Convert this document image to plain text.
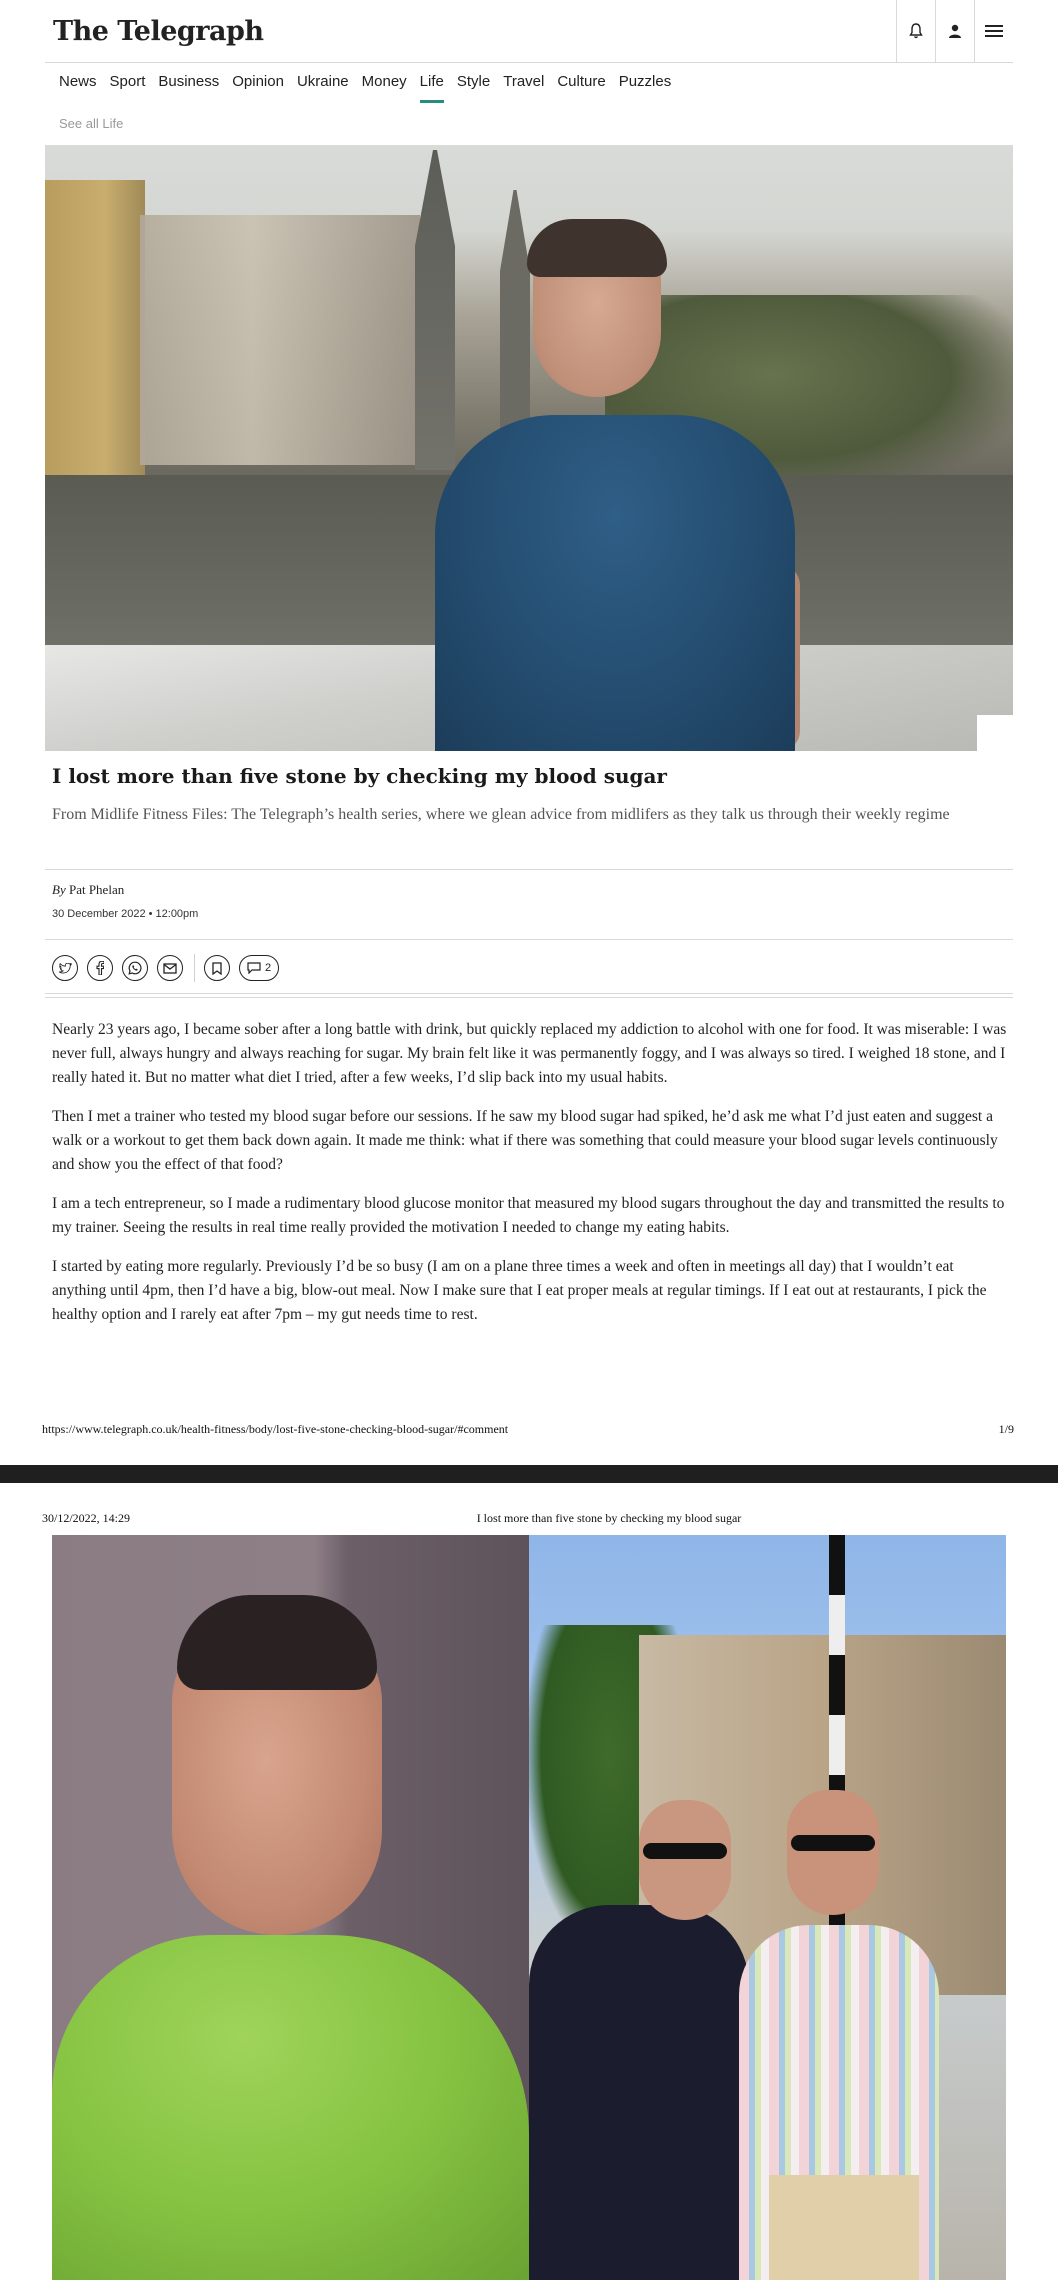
The Telegraph
News Sport Business Opinion Ukraine Money Life Style Travel Culture Puzzles
See all Life
I lost more than five stone by checking my blood sugar
From Midlife Fitness Files: The Telegraph’s health series, where we glean advice from midlifers as they talk us through their weekly regime
By Pat Phelan
30 December 2022 • 12:00pm
2

Nearly 23 years ago, I became sober after a long battle with drink, but quickly replaced my addiction to alcohol with one for food. It was miserable: I was never full, always hungry and always reaching for sugar. My brain felt like it was permanently foggy, and I was always so tired. I weighed 18 stone, and I really hated it. But no matter what diet I tried, after a few weeks, I’d slip back into my usual habits.

Then I met a trainer who tested my blood sugar before our sessions. If he saw my blood sugar had spiked, he’d ask me what I’d just eaten and suggest a walk or a workout to get them back down again. It made me think: what if there was something that could measure your blood sugar levels continuously and show you the effect of that food?

I am a tech entrepreneur, so I made a rudimentary blood glucose monitor that measured my blood sugars throughout the day and transmitted the results to my trainer. Seeing the results in real time really provided the motivation I needed to change my eating habits.

I started by eating more regularly. Previously I’d be so busy (I am on a plane three times a week and often in meetings all day) that I wouldn’t eat anything until 4pm, then I’d have a big, blow-out meal. Now I make sure that I eat proper meals at regular timings. If I eat out at restaurants, I pick the healthy option and I rarely eat after 7pm – my gut needs time to rest.

https://www.telegraph.co.uk/health-fitness/body/lost-five-stone-checking-blood-sugar/#comment	1/9
30/12/2022, 14:29	I lost more than five stone by checking my blood sugar
